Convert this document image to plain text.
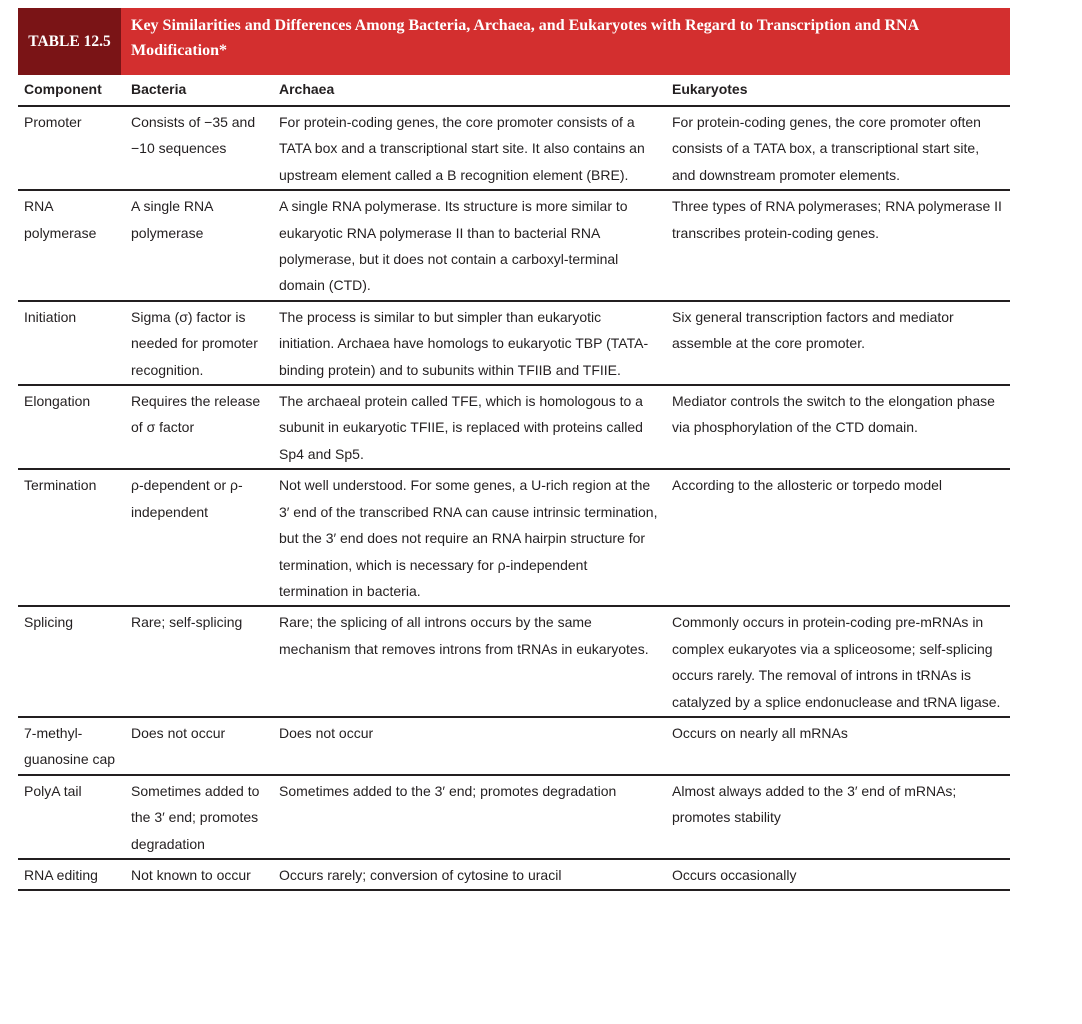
TABLE 12.5
Key Similarities and Differences Among Bacteria, Archaea, and Eukaryotes with Regard to Transcription and RNA Modification*
Component	Bacteria	Archaea	Eukaryotes
Promoter	Consists of −35 and −10 sequences	For protein-coding genes, the core promoter consists of a TATA box and a transcriptional start site. It also contains an upstream element called a B recognition element (BRE).	For protein-coding genes, the core promoter often consists of a TATA box, a transcriptional start site, and downstream promoter elements.
RNA polymerase	A single RNA polymerase	A single RNA polymerase. Its structure is more similar to eukaryotic RNA polymerase II than to bacterial RNA polymerase, but it does not contain a carboxyl-terminal domain (CTD).	Three types of RNA polymerases; RNA polymerase II transcribes protein-coding genes.
Initiation	Sigma (σ) factor is needed for promoter recognition.	The process is similar to but simpler than eukaryotic initiation. Archaea have homologs to eukaryotic TBP (TATA-binding protein) and to subunits within TFIIB and TFIIE.	Six general transcription factors and mediator assemble at the core promoter.
Elongation	Requires the release of σ factor	The archaeal protein called TFE, which is homologous to a subunit in eukaryotic TFIIE, is replaced with proteins called Sp4 and Sp5.	Mediator controls the switch to the elongation phase via phosphorylation of the CTD domain.
Termination	ρ-dependent or ρ-independent	Not well understood. For some genes, a U-rich region at the 3′ end of the transcribed RNA can cause intrinsic termination, but the 3′ end does not require an RNA hairpin structure for termination, which is necessary for ρ-independent termination in bacteria.	According to the allosteric or torpedo model
Splicing	Rare; self-splicing	Rare; the splicing of all introns occurs by the same mechanism that removes introns from tRNAs in eukaryotes.	Commonly occurs in protein-coding pre-mRNAs in complex eukaryotes via a spliceosome; self-splicing occurs rarely. The removal of introns in tRNAs is catalyzed by a splice endonuclease and tRNA ligase.
7-methyl-guanosine cap	Does not occur	Does not occur	Occurs on nearly all mRNAs
PolyA tail	Sometimes added to the 3′ end; promotes degradation	Sometimes added to the 3′ end; promotes degradation	Almost always added to the 3′ end of mRNAs; promotes stability
RNA editing	Not known to occur	Occurs rarely; conversion of cytosine to uracil	Occurs occasionally
